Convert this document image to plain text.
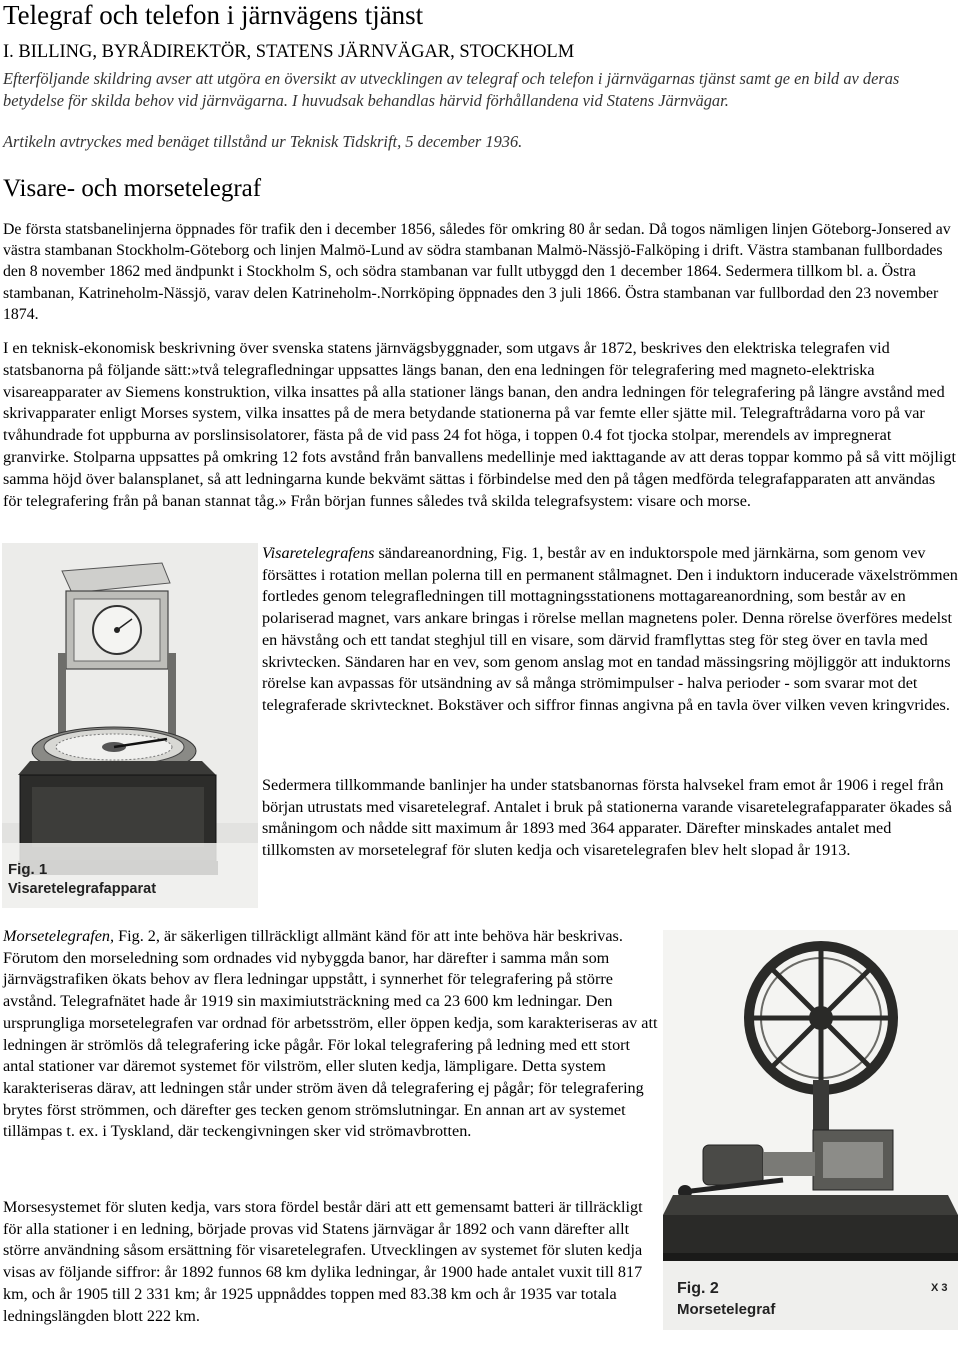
Telegraf och telefon i järnvägens tjänst
I. BILLING, BYRÅDIREKTÖR, STATENS JÄRNVÄGAR, STOCKHOLM

Efterföljande skildring avser att utgöra en översikt av utvecklingen av telegraf och telefon i järnvägarnas tjänst samt ge en bild av deras betydelse för skilda behov vid järnvägarna. I huvudsak behandlas härvid förhållandena vid Statens Järnvägar.

Artikeln avtryckes med benäget tillstånd ur Teknisk Tidskrift, 5 december 1936.

Visare- och morsetelegraf

De första statsbanelinjerna öppnades för trafik den i december 1856, således för omkring 80 år sedan. Då togos nämligen linjen Göteborg-Jonsered av västra stambanan Stockholm-Göteborg och linjen Malmö-Lund av södra stambanan Malmö-Nässjö-Falköping i drift. Västra stambanan fullbordades den 8 november 1862 med ändpunkt i Stockholm S, och södra stambanan var fullt utbyggd den 1 december 1864. Sedermera tillkom bl. a. Östra stambanan, Katrineholm-Nässjö, varav delen Katrineholm-.Norrköping öppnades den 3 juli 1866. Östra stambanan var fullbordad den 23 november 1874.

I en teknisk-ekonomisk beskrivning över svenska statens järnvägsbyggnader, som utgavs år 1872, beskrives den elektriska telegrafen vid statsbanorna på följande sätt:»två telegrafledningar uppsattes längs banan, den ena ledningen för telegrafering med magneto-elektriska visareapparater av Siemens konstruktion, vilka insattes på alla stationer längs banan, den andra ledningen för telegrafering på längre avstånd med skrivapparater enligt Morses system, vilka insattes på de mera betydande stationerna på var femte eller sjätte mil. Telegraftrådarna voro på var tvåhundrade fot uppburna av porslinsisolatorer, fästa på de vid pass 24 fot höga, i toppen 0.4 fot tjocka stolpar, merendels av impregnerat granvirke. Stolparna uppsattes på omkring 12 fots avstånd från banvallens medellinje med iakttagande av att deras toppar kommo på så vitt möjligt samma höjd över balansplanet, så att ledningarna kunde bekvämt sättas i förbindelse med den på tågen medförda telegrafapparaten att användas för telegrafering från på banan stannat tåg.» Från början funnes således två skilda telegrafsystem: visare och morse.

Fig. 1
Visaretelegrafapparat

Visaretelegrafens sändareanordning, Fig. 1, består av en induktorspole med järnkärna, som genom vev försättes i rotation mellan polerna till en permanent stålmagnet. Den i induktorn inducerade växelströmmen fortledes genom telegrafledningen till mottagningsstationens mottagareanordning, som består av en polariserad magnet, vars ankare bringas i rörelse mellan magnetens poler. Denna rörelse överföres medelst en hävstång och ett tandat steghjul till en visare, som därvid framflyttas steg för steg över en tavla med skrivtecken. Sändaren har en vev, som genom anslag mot en tandad mässingsring möjliggör att induktorns rörelse kan avpassas för utsändning av så många strömimpulser - halva perioder - som svarar mot det telegraferade skrivtecknet. Bokstäver och siffror finnas angivna på en tavla över vilken veven kringvrides.

Sedermera tillkommande banlinjer ha under statsbanornas första halvsekel fram emot år 1906 i regel från början utrustats med visaretelegraf. Antalet i bruk på stationerna varande visaretelegrafapparater ökades så småningom och nådde sitt maximum år 1893 med 364 apparater. Därefter minskades antalet med tillkomsten av morsetelegraf för sluten kedja och visaretelegrafen blev helt slopad år 1913.

Morsetelegrafen, Fig. 2, är säkerligen tillräckligt allmänt känd för att inte behöva här beskrivas. Förutom den morseledning som ordnades vid nybyggda banor, har därefter i samma mån som järnvägstrafiken ökats behov av flera ledningar uppstått, i synnerhet för telegrafering på större avstånd. Telegrafnätet hade år 1919 sin maximiutsträckning med ca 23 600 km ledningar. Den ursprungliga morsetelegrafen var ordnad för arbetsström, eller öppen kedja, som karakteriseras av att ledningen är strömlös då telegrafering icke pågår. För lokal telegrafering på ledning med ett stort antal stationer var däremot systemet för vilström, eller sluten kedja, lämpligare. Detta system karakteriseras därav, att ledningen står under ström även då telegrafering ej pågår; för telegrafering brytes först strömmen, och därefter ges tecken genom strömslutningar. En annan art av systemet tillämpas t. ex. i Tyskland, där teckengivningen sker vid strömavbrotten.

Morsesystemet för sluten kedja, vars stora fördel består däri att ett gemensamt batteri är tillräckligt för alla stationer i en ledning, började provas vid Statens järnvägar år 1892 och vann därefter allt större användning såsom ersättning för visaretelegrafen. Utvecklingen av systemet för sluten kedja visas av följande siffror: år 1892 funnos 68 km dylika ledningar, år 1900 hade antalet vuxit till 817 km, och år 1905 till 2 331 km; år 1925 uppnåddes toppen med 83.38 km och år 1935 var totala ledningslängden blott 222 km.

Fig. 2
Morsetelegraf
X 3
